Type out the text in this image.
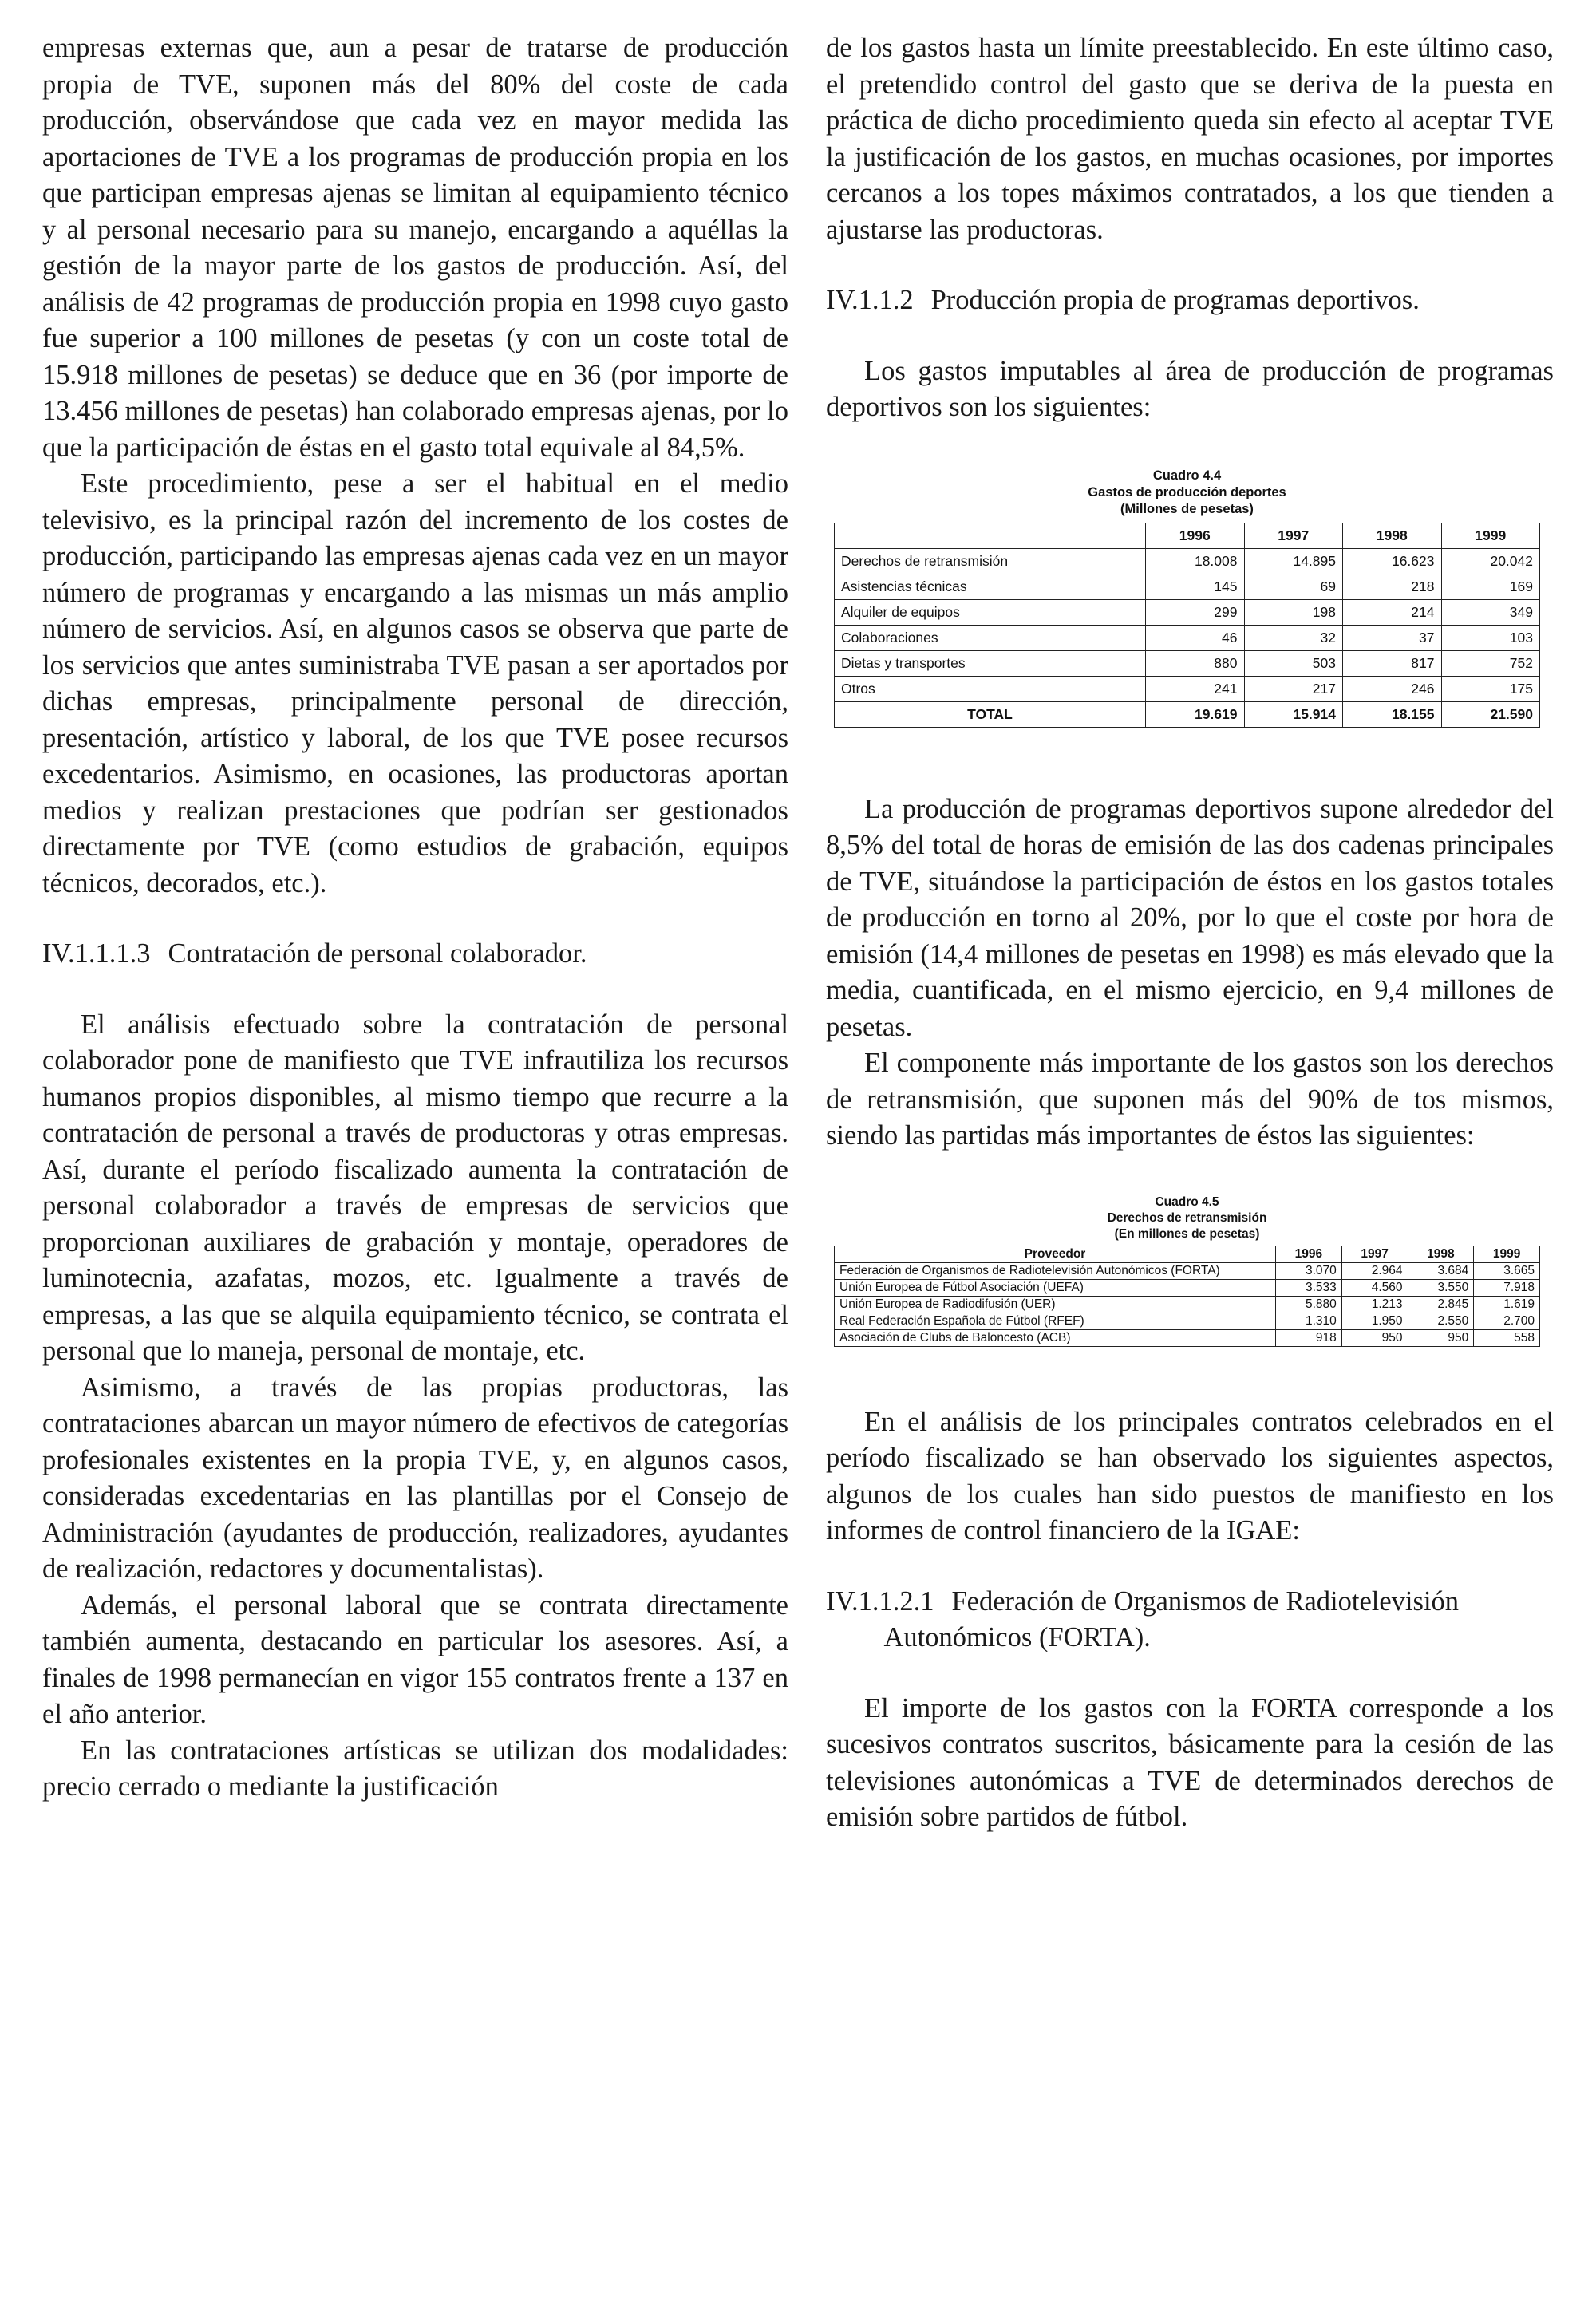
empresas externas que, aun a pesar de tratarse de producción propia de TVE, suponen más del 80% del coste de cada producción, observándose que cada vez en mayor medida las aportaciones de TVE a los programas de producción propia en los que participan empresas ajenas se limitan al equipamiento técnico y al personal necesario para su manejo, encargando a aquéllas la gestión de la mayor parte de los gastos de producción. Así, del análisis de 42 programas de producción propia en 1998 cuyo gasto fue superior a 100 millones de pesetas (y con un coste total de 15.918 millones de pesetas) se deduce que en 36 (por importe de 13.456 millones de pesetas) han colaborado empresas ajenas, por lo que la participación de éstas en el gasto total equivale al 84,5%.

Este procedimiento, pese a ser el habitual en el medio televisivo, es la principal razón del incremento de los costes de producción, participando las empresas ajenas cada vez en un mayor número de programas y encargando a las mismas un más amplio número de servicios. Así, en algunos casos se observa que parte de los servicios que antes suministraba TVE pasan a ser aportados por dichas empresas, principalmente personal de dirección, presentación, artístico y laboral, de los que TVE posee recursos excedentarios. Asimismo, en ocasiones, las productoras aportan medios y realizan prestaciones que podrían ser gestionados directamente por TVE (como estudios de grabación, equipos técnicos, decorados, etc.).

IV.1.1.1.3 Contratación de personal colaborador.

El análisis efectuado sobre la contratación de personal colaborador pone de manifiesto que TVE infrautiliza los recursos humanos propios disponibles, al mismo tiempo que recurre a la contratación de personal a través de productoras y otras empresas. Así, durante el período fiscalizado aumenta la contratación de personal colaborador a través de empresas de servicios que proporcionan auxiliares de grabación y montaje, operadores de luminotecnia, azafatas, mozos, etc. Igualmente a través de empresas, a las que se alquila equipamiento técnico, se contrata el personal que lo maneja, personal de montaje, etc.

Asimismo, a través de las propias productoras, las contrataciones abarcan un mayor número de efectivos de categorías profesionales existentes en la propia TVE, y, en algunos casos, consideradas excedentarias en las plantillas por el Consejo de Administración (ayudantes de producción, realizadores, ayudantes de realización, redactores y documentalistas).

Además, el personal laboral que se contrata directamente también aumenta, destacando en particular los asesores. Así, a finales de 1998 permanecían en vigor 155 contratos frente a 137 en el año anterior.

En las contrataciones artísticas se utilizan dos modalidades: precio cerrado o mediante la justificación

de los gastos hasta un límite preestablecido. En este último caso, el pretendido control del gasto que se deriva de la puesta en práctica de dicho procedimiento queda sin efecto al aceptar TVE la justificación de los gastos, en muchas ocasiones, por importes cercanos a los topes máximos contratados, a los que tienden a ajustarse las productoras.

IV.1.1.2 Producción propia de programas deportivos.

Los gastos imputables al área de producción de programas deportivos son los siguientes:

Cuadro 4.4
Gastos de producción deportes
(Millones de pesetas)
	1996	1997	1998	1999
Derechos de retransmisión	18.008	14.895	16.623	20.042
Asistencias técnicas	145	69	218	169
Alquiler de equipos	299	198	214	349
Colaboraciones	46	32	37	103
Dietas y transportes	880	503	817	752
Otros	241	217	246	175
TOTAL	19.619	15.914	18.155	21.590

La producción de programas deportivos supone alrededor del 8,5% del total de horas de emisión de las dos cadenas principales de TVE, situándose la participación de éstos en los gastos totales de producción en torno al 20%, por lo que el coste por hora de emisión (14,4 millones de pesetas en 1998) es más elevado que la media, cuantificada, en el mismo ejercicio, en 9,4 millones de pesetas.

El componente más importante de los gastos son los derechos de retransmisión, que suponen más del 90% de tos mismos, siendo las partidas más importantes de éstos las siguientes:

Cuadro 4.5
Derechos de retransmisión
(En millones de pesetas)
Proveedor	1996	1997	1998	1999
Federación de Organismos de Radiotelevisión Autonómicos (FORTA)	3.070	2.964	3.684	3.665
Unión Europea de Fútbol Asociación (UEFA)	3.533	4.560	3.550	7.918
Unión Europea de Radiodifusión (UER)	5.880	1.213	2.845	1.619
Real Federación Española de Fútbol (RFEF)	1.310	1.950	2.550	2.700
Asociación de Clubs de Baloncesto (ACB)	918	950	950	558

En el análisis de los principales contratos celebrados en el período fiscalizado se han observado los siguientes aspectos, algunos de los cuales han sido puestos de manifiesto en los informes de control financiero de la IGAE:

IV.1.1.2.1 Federación de Organismos de Radiotelevisión Autonómicos (FORTA).

El importe de los gastos con la FORTA corresponde a los sucesivos contratos suscritos, básicamente para la cesión de las televisiones autonómicas a TVE de determinados derechos de emisión sobre partidos de fútbol.
